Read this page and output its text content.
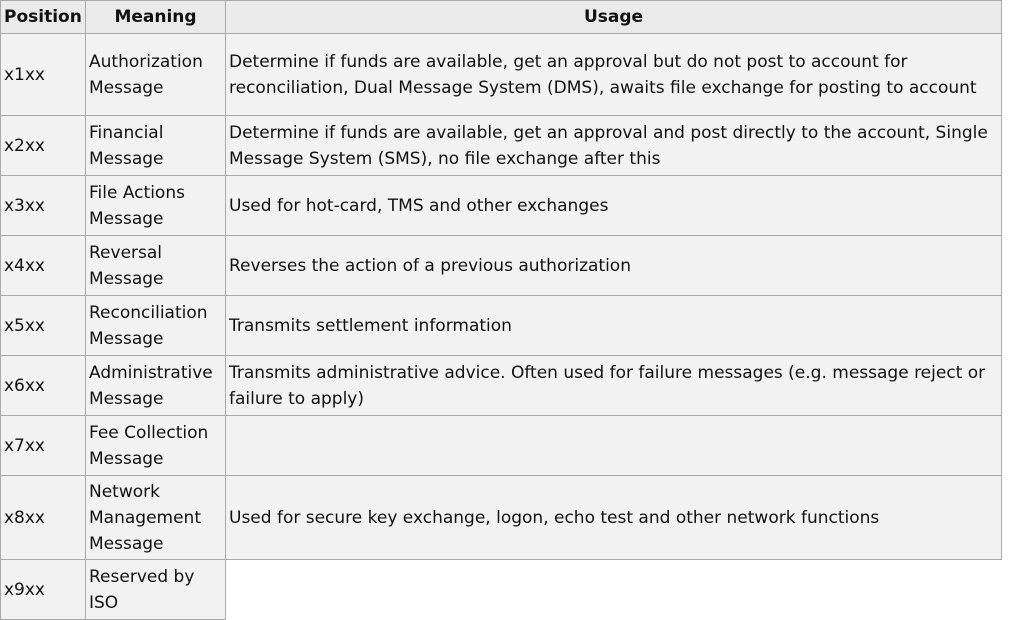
Position	Meaning	Usage
x1xx	Authorization Message	Determine if funds are available, get an approval but do not post to account for reconciliation, Dual Message System (DMS), awaits file exchange for posting to account
x2xx	Financial Message	Determine if funds are available, get an approval and post directly to the account, Single Message System (SMS), no file exchange after this
x3xx	File Actions Message	Used for hot-card, TMS and other exchanges
x4xx	Reversal Message	Reverses the action of a previous authorization
x5xx	Reconciliation Message	Transmits settlement information
x6xx	Administrative Message	Transmits administrative advice. Often used for failure messages (e.g. message reject or failure to apply)
x7xx	Fee Collection Message	
x8xx	Network Management Message	Used for secure key exchange, logon, echo test and other network functions
x9xx	Reserved by ISO	
